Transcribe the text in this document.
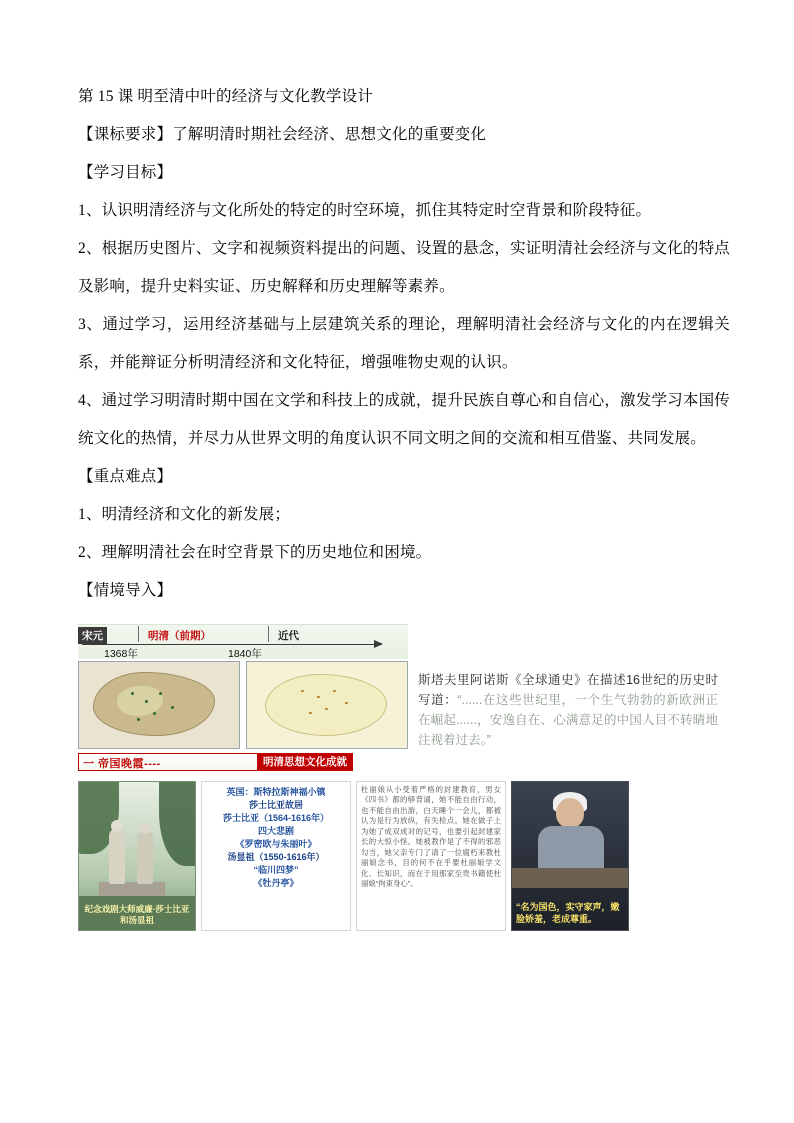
第 15 课 明至清中叶的经济与文化教学设计
【课标要求】了解明清时期社会经济、思想文化的重要变化
【学习目标】
1、认识明清经济与文化所处的特定的时空环境，抓住其特定时空背景和阶段特征。
2、根据历史图片、文字和视频资料提出的问题、设置的悬念，实证明清社会经济与文化的特点及影响，提升史料实证、历史解释和历史理解等素养。
3、通过学习，运用经济基础与上层建筑关系的理论，理解明清社会经济与文化的内在逻辑关系，并能辩证分析明清经济和文化特征，增强唯物史观的认识。
4、通过学习明清时期中国在文学和科技上的成就，提升民族自尊心和自信心，激发学习本国传统文化的热情，并尽力从世界文明的角度认识不同文明之间的交流和相互借鉴、共同发展。
【重点难点】
1、明清经济和文化的新发展；
2、理解明清社会在时空背景下的历史地位和困境。
【情境导入】
宋元	明清（前期）	近代
1368年	1840年
斯塔夫里阿诺斯《全球通史》在描述16世纪的历史时写道：“......在这些世纪里，一个生气勃勃的新欧洲正在崛起......，安逸自在、心满意足的中国人目不转睛地注视着过去。”
一 帝国晚霞----	明清思想文化成就
纪念戏剧大师威廉·莎士比亚和汤显祖
英国：斯特拉斯神福小镇
莎士比亚故居
莎士比亚（1564-1616年）
四大悲剧
《罗密欧与朱丽叶》
汤显祖（1550-1616年）
“临川四梦”
《牡丹亭》
杜丽娘从小受着严格的封建教育，男女《四书》都的够背诵，她不能自由行动，也不能自由出游，白天睡个一会儿，都被认为是行为放纵，有失检点。她在做子上为她了成双成对的记号，也要引起封建家长的大惊小怪。她被教作是了不得的邪恶勾当，她父亲专门了请了一位腐朽来教杜丽娘念书，目的何不在乎要杜丽娘学文化、长知识，而在于用那家至贵书籍使杜丽娘“拘束身心”。
“名为国色，实守家声，嫩脸娇羞，老成尊重。
